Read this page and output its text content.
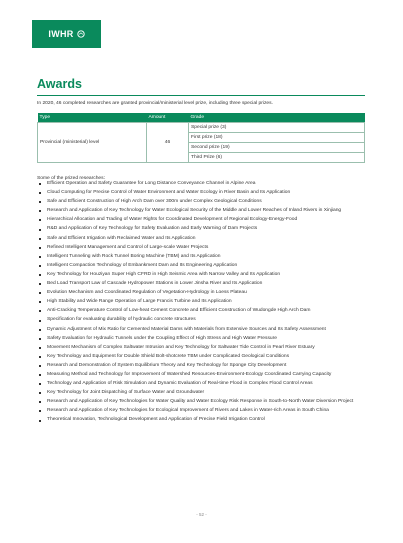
IWHR
Awards
In 2020, 46 completed researches are granted provincial/ministerial level prize, including three special prizes.
Type	Amount	Grade
Provincial (ministerial) level	46	Special prize (3)
		First prize (18)
		Second prize (19)
		Third Prize (6)
Some of the prized researches：
Efficient Operation and Safety Guarantee for Long Distance Conveyance Channel in Alpine Area
Cloud Computing for Precise Control of Water Environment and Water Ecology in River Basin and Its Application
Safe and Efficient Construction of High Arch Dam over 300m under Complex Geological Conditions
Research and Application of Key Technology for Water Ecological Security of the Middle and Lower Reaches of Inland Rivers in Xinjiang
Hierarchical Allocation and Trading of Water Rights for Coordinated Development of Regional Ecology-Energy-Food
R&D and Application of Key Technology for Safety Evaluation and Early Warning of Dam Projects
Safe and Efficient Irrigation with Reclaimed Water and Its Application
Refined Intelligent Management and Control of Large-scale Water Projects
Intelligent Tunneling with Rock Tunnel Boring Machine (TBM) and Its Application
Intelligent Compaction Technology of Embankment Dam and Its Engineering Application
Key Technology for Houziyan Super High CFRD in High Seismic Area with Narrow Valley and Its Application
Bed Load Transport Law of Cascade Hydropower Stations in Lower Jinsha River and Its Application
Evolution Mechanism and Coordinated Regulation of Vegetation-Hydrology in Loess Plateau
High Stability and Wide Range Operation of Large Francis Turbine and Its Application
Anti-Cracking Temperature Control of Low-heat Cement Concrete and Efficient Construction of Wudongde High Arch Dam
Specification for evaluating durability of hydraulic concrete structures
Dynamic Adjustment of Mix Ratio for Cemented Material Dams with Materials from Extensive Sources and Its Safety Assessment
Safety Evaluation for Hydraulic Tunnels under the Coupling Effect of High Stress and High Water Pressure
Movement Mechanism of Complex Saltwater Intrusion and Key Technology for Saltwater Tide Control in Pearl River Estuary
Key Technology and Equipment for Double Shield Bolt-shotcrete TBM under Complicated Geological Conditions
Research and Demonstration of System Equilibrium Theory and Key Technology for Sponge City Development
Measuring Method and Technology for Improvement of Watershed Resources-Environment-Ecology Coordinated Carrying Capacity
Technology and Application of Risk Simulation and Dynamic Evaluation of Real-time Flood in Complex Flood Control Areas
Key Technology for Joint Dispatching of Surface Water and Groundwater
Research and Application of Key Technologies for Water Quality and Water Ecology Risk Response in South-to-North Water Diversion Project
Research and Application of Key Technologies for Ecological Improvement of Rivers and Lakes in Water-rich Areas in South China
Theoretical Innovation, Technological Development and Application of Precise Field Irrigation Control
- 52 -
